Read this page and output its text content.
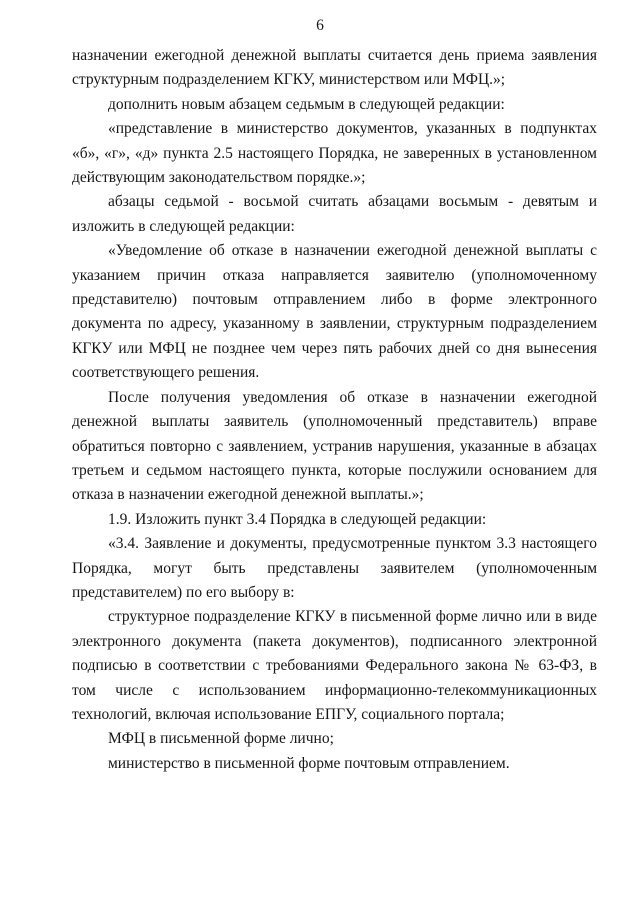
6

назначении ежегодной денежной выплаты считается день приема заявления структурным подразделением КГКУ, министерством или МФЦ.»;

дополнить новым абзацем седьмым в следующей редакции:

«представление в министерство документов, указанных в подпунктах «б», «г», «д» пункта 2.5 настоящего Порядка, не заверенных в установленном действующим законодательством порядке.»;

абзацы седьмой - восьмой считать абзацами восьмым - девятым и изложить в следующей редакции:

«Уведомление об отказе в назначении ежегодной денежной выплаты с указанием причин отказа направляется заявителю (уполномоченному представителю) почтовым отправлением либо в форме электронного документа по адресу, указанному в заявлении, структурным подразделением КГКУ или МФЦ не позднее чем через пять рабочих дней со дня вынесения соответствующего решения.

После получения уведомления об отказе в назначении ежегодной денежной выплаты заявитель (уполномоченный представитель) вправе обратиться повторно с заявлением, устранив нарушения, указанные в абзацах третьем и седьмом настоящего пункта, которые послужили основанием для отказа в назначении ежегодной денежной выплаты.»;

1.9. Изложить пункт 3.4 Порядка в следующей редакции:

«3.4. Заявление и документы, предусмотренные пунктом 3.3 настоящего Порядка, могут быть представлены заявителем (уполномоченным представителем) по его выбору в:

структурное подразделение КГКУ в письменной форме лично или в виде электронного документа (пакета документов), подписанного электронной подписью в соответствии с требованиями Федерального закона № 63-ФЗ, в том числе с использованием информационно-телекоммуникационных технологий, включая использование ЕПГУ, социального портала;

МФЦ в письменной форме лично;

министерство в письменной форме почтовым отправлением.
